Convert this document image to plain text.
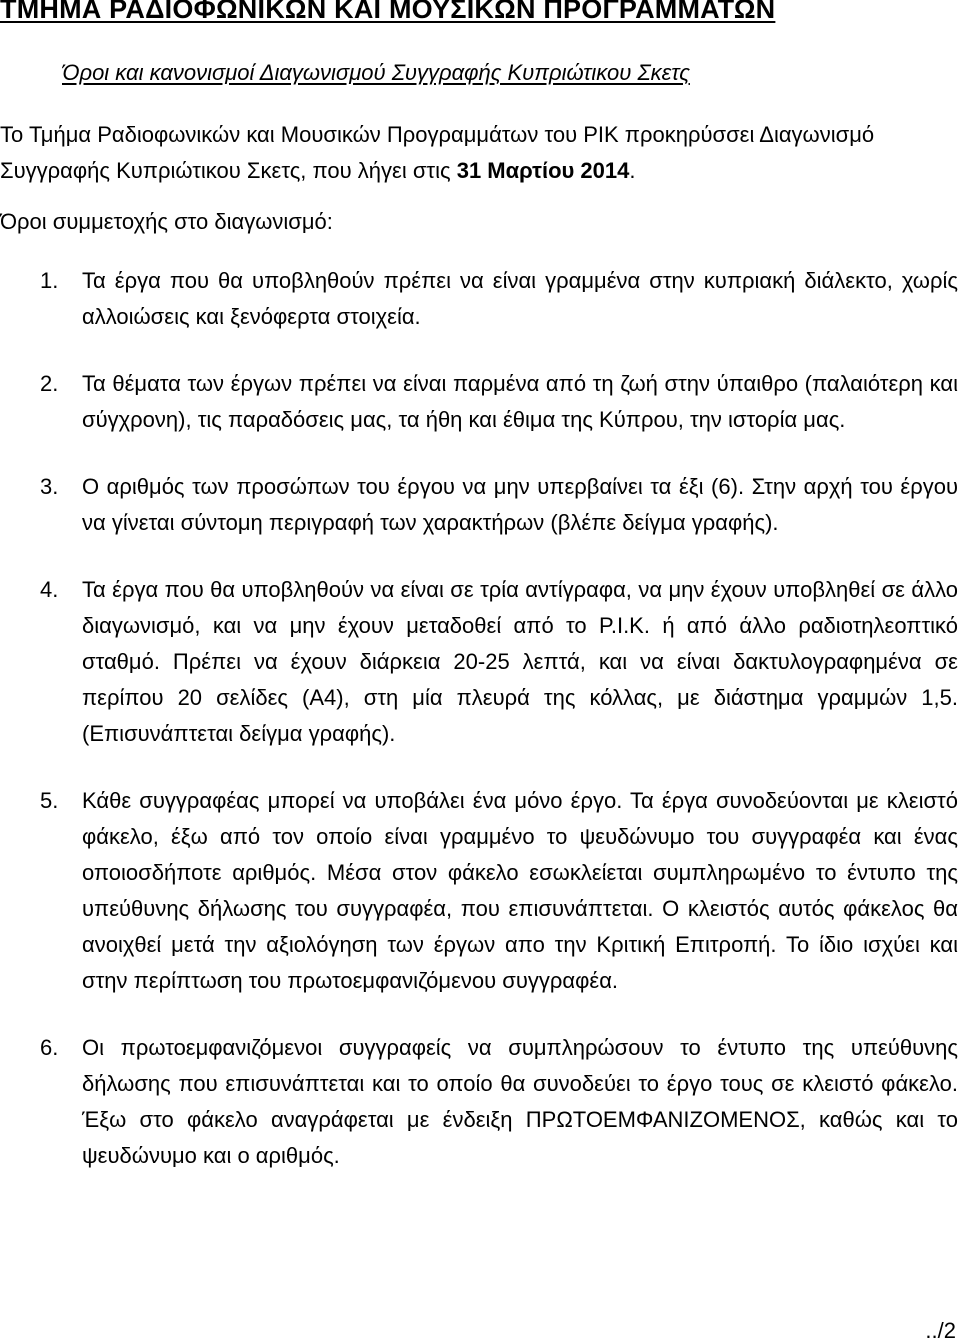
ΤΜΗΜΑ ΡΑΔΙΟΦΩΝΙΚΩΝ ΚΑΙ ΜΟΥΣΙΚΩΝ ΠΡΟΓΡΑΜΜΑΤΩΝ
Όροι και κανονισμοί Διαγωνισμού Συγγραφής Κυπριώτικου Σκετς

Το Τμήμα Ραδιοφωνικών και Μουσικών Προγραμμάτων του ΡΙΚ προκηρύσσει Διαγωνισμό Συγγραφής Κυπριώτικου Σκετς, που λήγει στις 31 Μαρτίου 2014.

Όροι συμμετοχής στο διαγωνισμό:
1. Τα έργα που θα υποβληθούν πρέπει να είναι γραμμένα στην κυπριακή διάλεκτο, χωρίς αλλοιώσεις και ξενόφερτα στοιχεία.
2. Τα θέματα των έργων πρέπει να είναι παρμένα από τη ζωή στην ύπαιθρο (παλαιότερη και σύγχρονη), τις παραδόσεις μας, τα ήθη και έθιμα της Κύπρου, την ιστορία μας.
3. Ο αριθμός των προσώπων του έργου να μην υπερβαίνει τα έξι (6). Στην αρχή του έργου να γίνεται σύντομη περιγραφή των χαρακτήρων (βλέπε δείγμα γραφής).
4. Τα έργα που θα υποβληθούν να είναι σε τρία αντίγραφα, να μην έχουν υποβληθεί σε άλλο διαγωνισμό, και να μην έχουν μεταδοθεί από το Ρ.Ι.Κ. ή από άλλο ραδιοτηλεοπτικό σταθμό. Πρέπει να έχουν διάρκεια 20-25 λεπτά, και να είναι δακτυλογραφημένα σε περίπου 20 σελίδες (Α4), στη μία πλευρά της κόλλας, με διάστημα γραμμών 1,5. (Επισυνάπτεται δείγμα γραφής).
5. Κάθε συγγραφέας μπορεί να υποβάλει ένα μόνο έργο. Τα έργα συνοδεύονται με κλειστό φάκελο, έξω από τον οποίο είναι γραμμένο το ψευδώνυμο του συγγραφέα και ένας οποιοσδήποτε αριθμός. Μέσα στον φάκελο εσωκλείεται συμπληρωμένο το έντυπο της υπεύθυνης δήλωσης του συγγραφέα, που επισυνάπτεται. Ο κλειστός αυτός φάκελος θα ανοιχθεί μετά την αξιολόγηση των έργων απο την Κριτική Επιτροπή. Το ίδιο ισχύει και στην περίπτωση του πρωτοεμφανιζόμενου συγγραφέα.
6. Οι πρωτοεμφανιζόμενοι συγγραφείς να συμπληρώσουν το έντυπο της υπεύθυνης δήλωσης που επισυνάπτεται και το οποίο θα συνοδεύει το έργο τους σε κλειστό φάκελο. Έξω στο φάκελο αναγράφεται με ένδειξη ΠΡΩΤΟΕΜΦΑΝΙΖΟΜΕΝΟΣ, καθώς και το ψευδώνυμο και ο αριθμός.
../2
